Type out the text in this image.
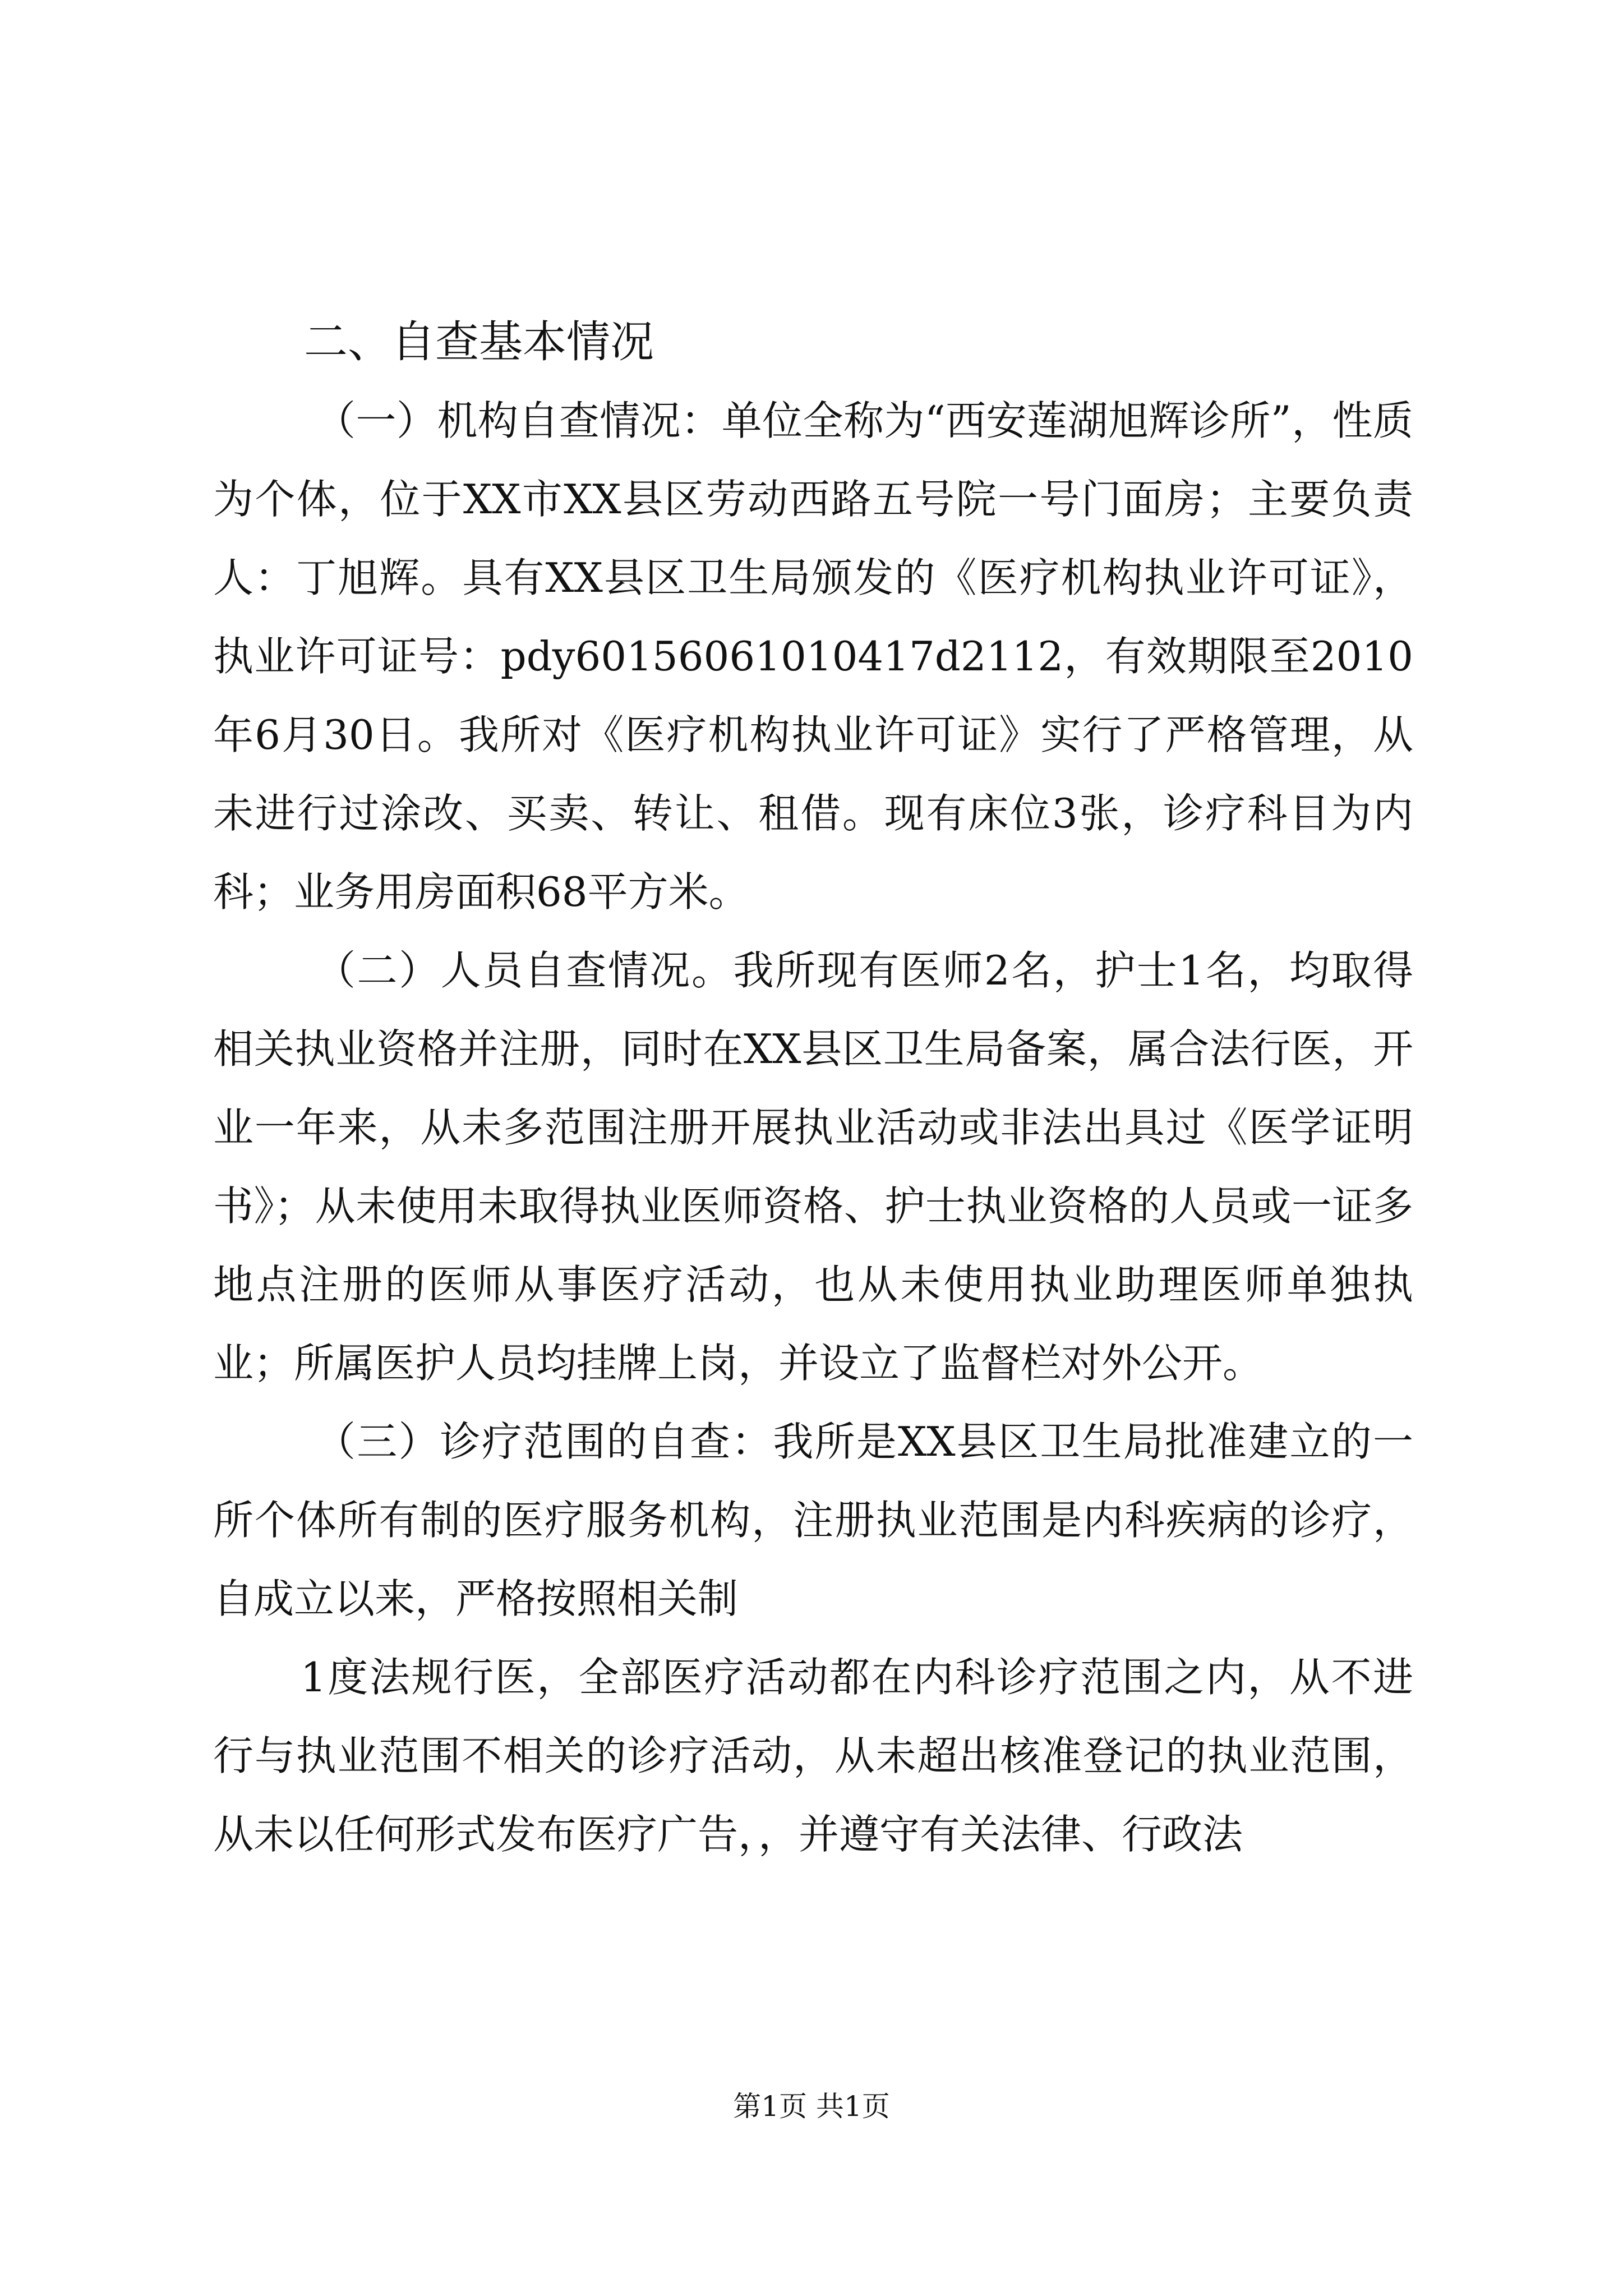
二、自查基本情况

（一）机构自查情况：单位全称为“西安莲湖旭辉诊所”，性质为个体，位于XX市XX县区劳动西路五号院一号门面房；主要负责人：丁旭辉。具有XX县区卫生局颁发的《医疗机构执业许可证》，执业许可证号：pdy60156061010417d2112，有效期限至2010年6月30日。我所对《医疗机构执业许可证》实行了严格管理，从未进行过涂改、买卖、转让、租借。现有床位3张，诊疗科目为内科；业务用房面积68平方米。

（二）人员自查情况。我所现有医师2名，护士1名，均取得相关执业资格并注册，同时在XX县区卫生局备案，属合法行医，开业一年来，从未多范围注册开展执业活动或非法出具过《医学证明书》；从未使用未取得执业医师资格、护士执业资格的人员或一证多地点注册的医师从事医疗活动，也从未使用执业助理医师单独执业；所属医护人员均挂牌上岗，并设立了监督栏对外公开。

（三）诊疗范围的自查：我所是XX县区卫生局批准建立的一所个体所有制的医疗服务机构，注册执业范围是内科疾病的诊疗，自成立以来，严格按照相关制

1度法规行医，全部医疗活动都在内科诊疗范围之内，从不进行与执业范围不相关的诊疗活动，从未超出核准登记的执业范围，从未以任何形式发布医疗广告，，并遵守有关法律、行政法

第1页 共1页
